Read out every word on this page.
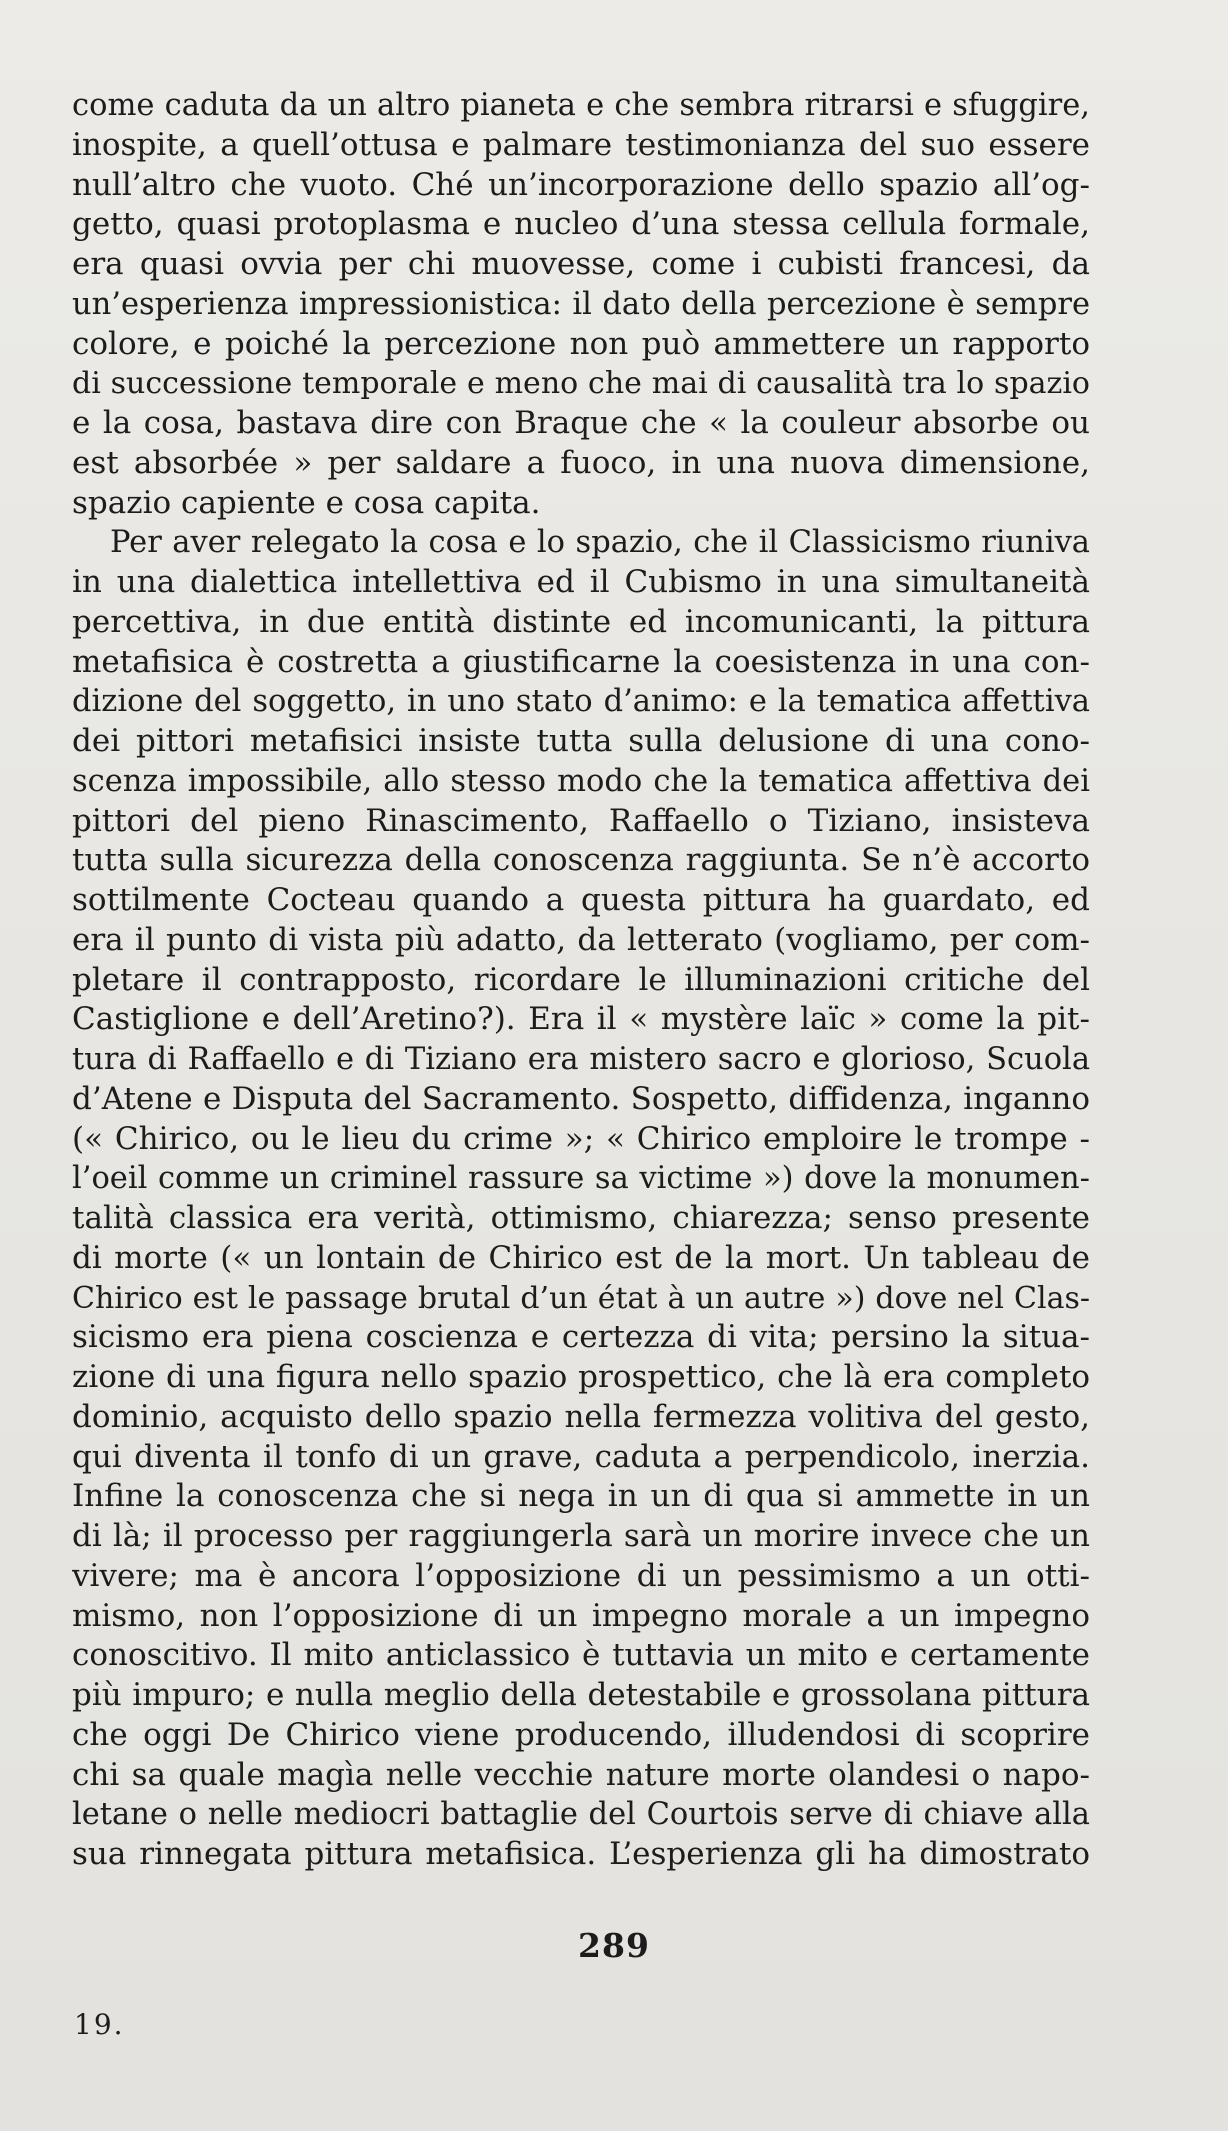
come caduta da un altro pianeta e che sembra ritrarsi e sfuggire,
inospite, a quell’ottusa e palmare testimonianza del suo essere
null’altro che vuoto. Ché un’incorporazione dello spazio all’og-
getto, quasi protoplasma e nucleo d’una stessa cellula formale,
era quasi ovvia per chi muovesse, come i cubisti francesi, da
un’esperienza impressionistica: il dato della percezione è sempre
colore, e poiché la percezione non può ammettere un rapporto
di successione temporale e meno che mai di causalità tra lo spazio
e la cosa, bastava dire con Braque che « la couleur absorbe ou
est absorbée » per saldare a fuoco, in una nuova dimensione,
spazio capiente e cosa capita.
Per aver relegato la cosa e lo spazio, che il Classicismo riuniva
in una dialettica intellettiva ed il Cubismo in una simultaneità
percettiva, in due entità distinte ed incomunicanti, la pittura
metafisica è costretta a giustificarne la coesistenza in una con-
dizione del soggetto, in uno stato d’animo: e la tematica affettiva
dei pittori metafisici insiste tutta sulla delusione di una cono-
scenza impossibile, allo stesso modo che la tematica affettiva dei
pittori del pieno Rinascimento, Raffaello o Tiziano, insisteva
tutta sulla sicurezza della conoscenza raggiunta. Se n’è accorto
sottilmente Cocteau quando a questa pittura ha guardato, ed
era il punto di vista più adatto, da letterato (vogliamo, per com-
pletare il contrapposto, ricordare le illuminazioni critiche del
Castiglione e dell’Aretino?). Era il « mystère laïc » come la pit-
tura di Raffaello e di Tiziano era mistero sacro e glorioso, Scuola
d’Atene e Disputa del Sacramento. Sospetto, diffidenza, inganno
(« Chirico, ou le lieu du crime »; « Chirico emploire le trompe -
l’oeil comme un criminel rassure sa victime ») dove la monumen-
talità classica era verità, ottimismo, chiarezza; senso presente
di morte (« un lontain de Chirico est de la mort. Un tableau de
Chirico est le passage brutal d’un état à un autre ») dove nel Clas-
sicismo era piena coscienza e certezza di vita; persino la situa-
zione di una figura nello spazio prospettico, che là era completo
dominio, acquisto dello spazio nella fermezza volitiva del gesto,
qui diventa il tonfo di un grave, caduta a perpendicolo, inerzia.
Infine la conoscenza che si nega in un di qua si ammette in un
di là; il processo per raggiungerla sarà un morire invece che un
vivere; ma è ancora l’opposizione di un pessimismo a un otti-
mismo, non l’opposizione di un impegno morale a un impegno
conoscitivo. Il mito anticlassico è tuttavia un mito e certamente
più impuro; e nulla meglio della detestabile e grossolana pittura
che oggi De Chirico viene producendo, illudendosi di scoprire
chi sa quale magìa nelle vecchie nature morte olandesi o napo-
letane o nelle mediocri battaglie del Courtois serve di chiave alla
sua rinnegata pittura metafisica. L’esperienza gli ha dimostrato
289
19.
